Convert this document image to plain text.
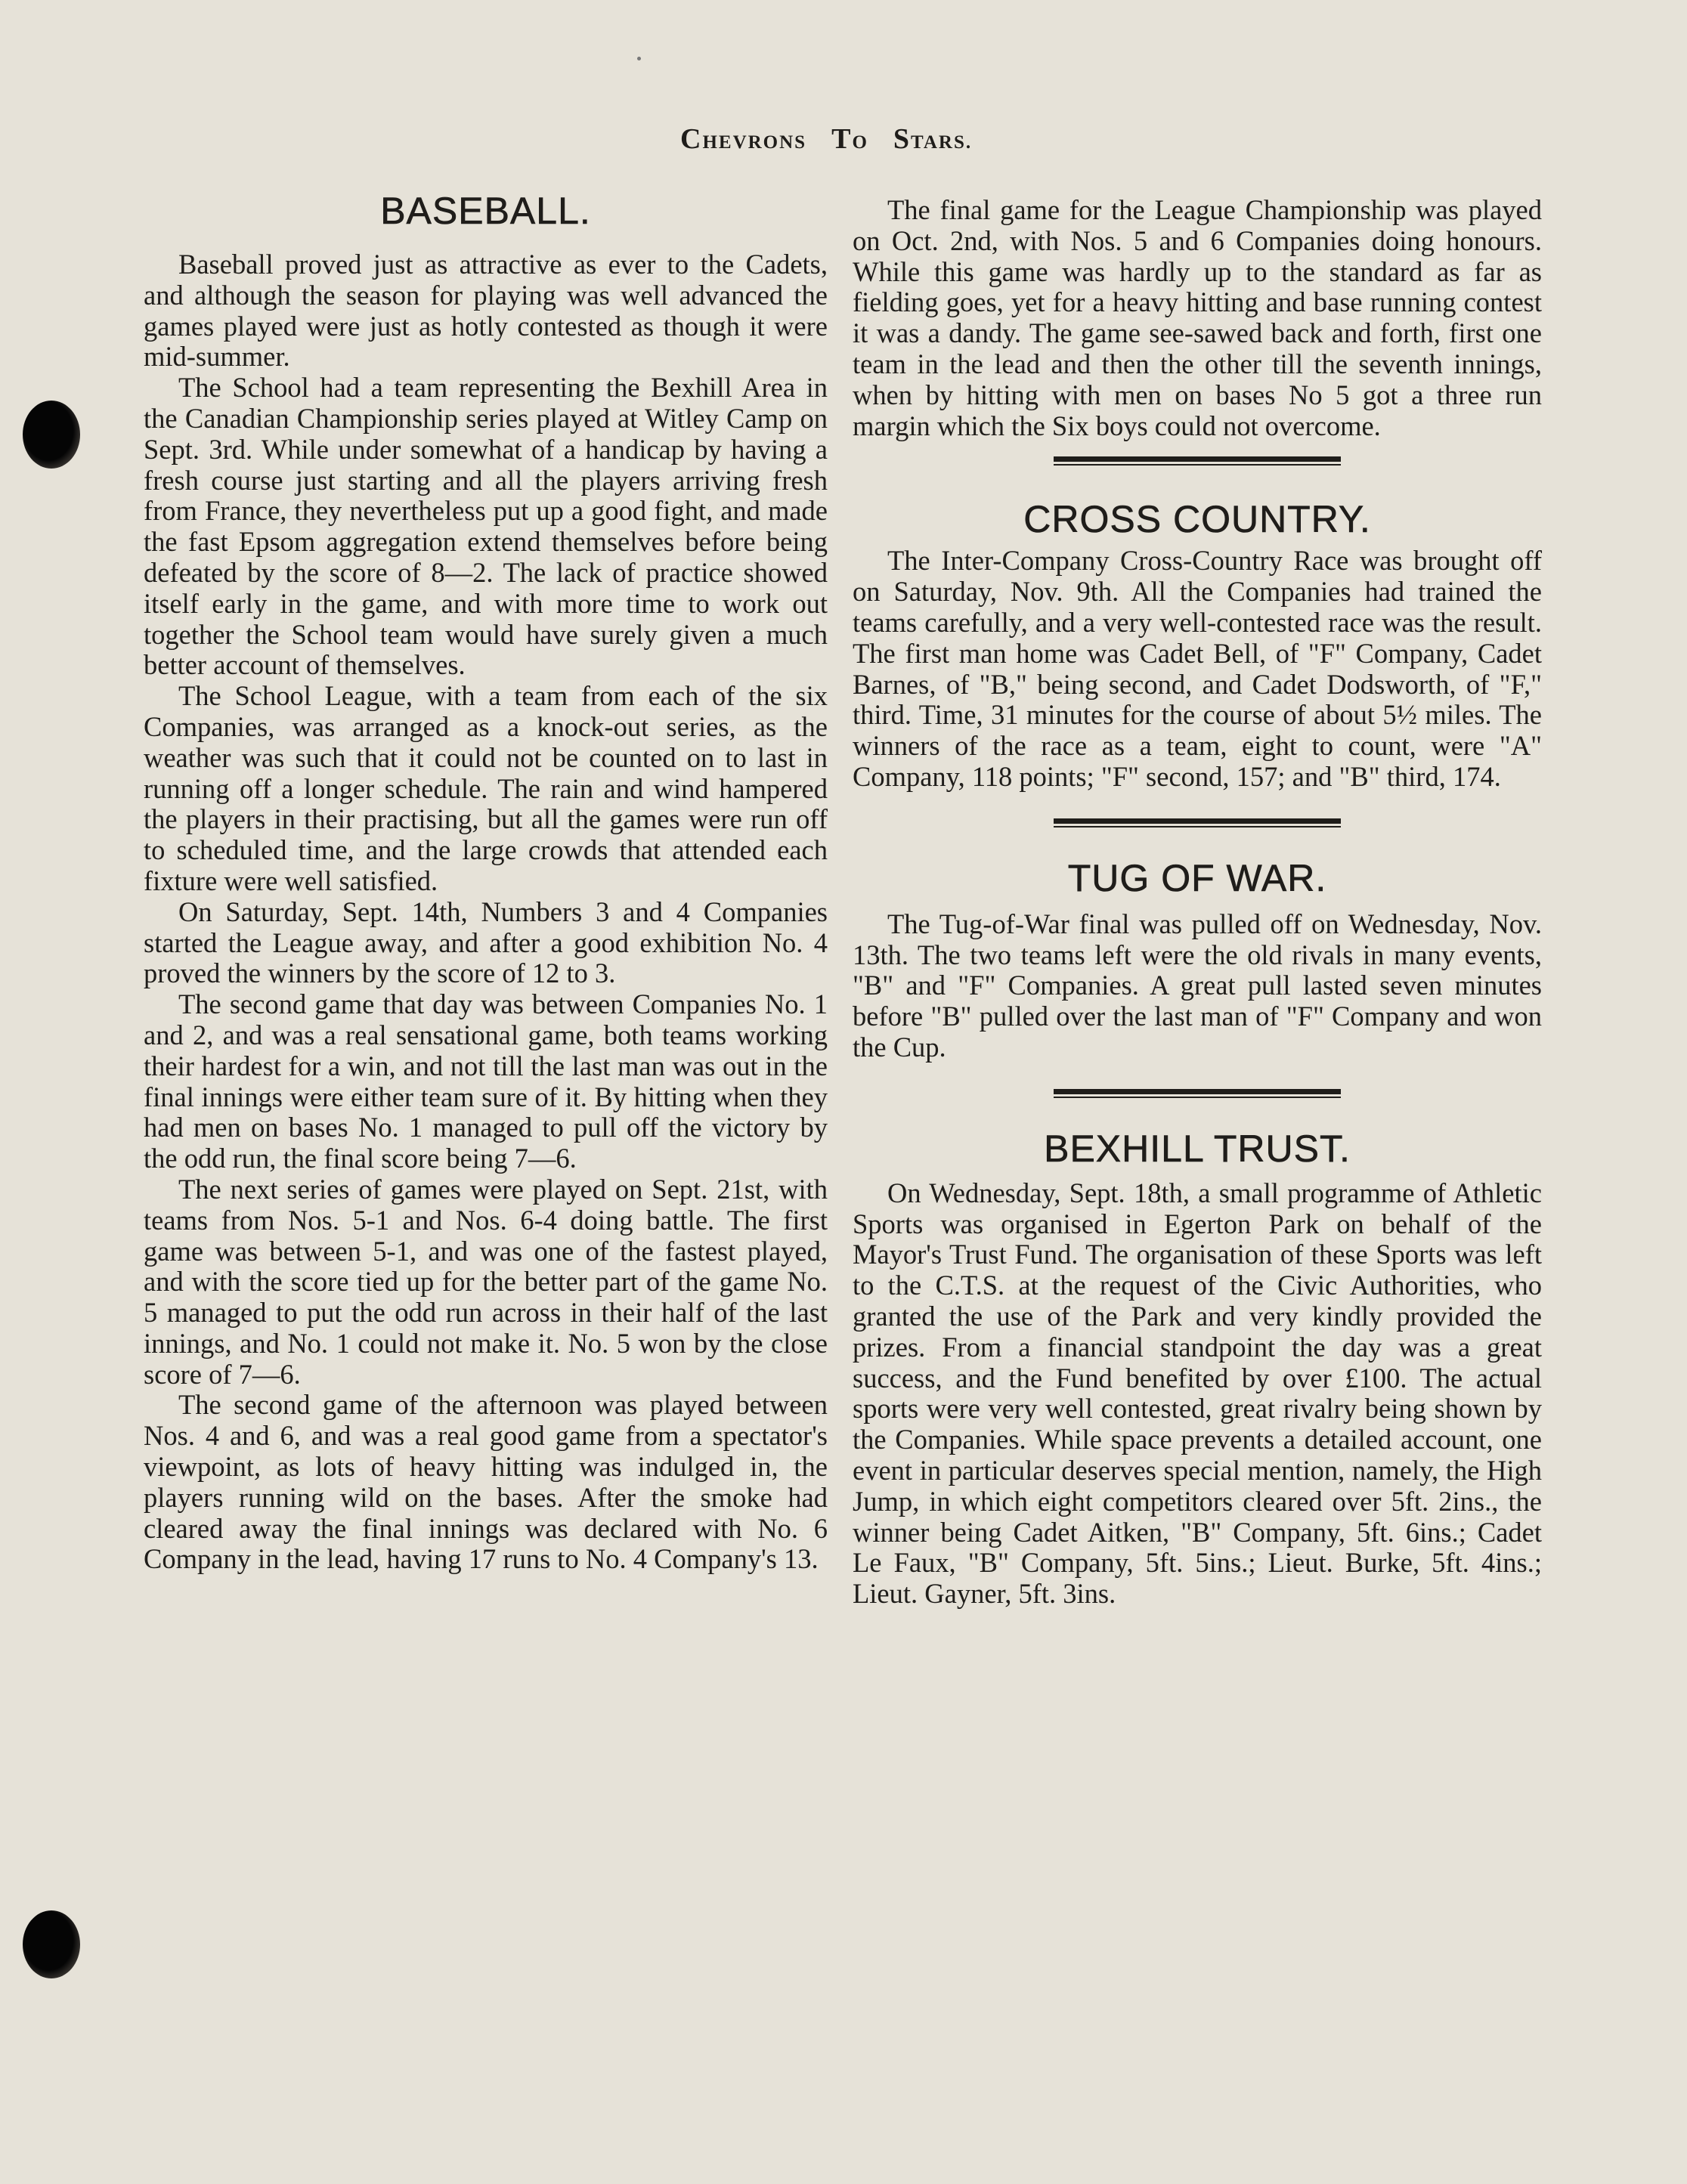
CHEVRONS TO STARS.
BASEBALL.

Baseball proved just as attractive as ever to the Cadets, and although the season for playing was well advanced the games played were just as hotly contested as though it were mid-summer.

The School had a team representing the Bexhill Area in the Canadian Championship series played at Witley Camp on Sept. 3rd. While under somewhat of a handicap by having a fresh course just starting and all the players arriving fresh from France, they nevertheless put up a good fight, and made the fast Epsom aggregation extend themselves before being defeated by the score of 8—2. The lack of practice showed itself early in the game, and with more time to work out together the School team would have surely given a much better account of themselves.

The School League, with a team from each of the six Companies, was arranged as a knock-out series, as the weather was such that it could not be counted on to last in running off a longer schedule. The rain and wind hampered the players in their practising, but all the games were run off to scheduled time, and the large crowds that attended each fixture were well satisfied.

On Saturday, Sept. 14th, Numbers 3 and 4 Companies started the League away, and after a good exhibition No. 4 proved the winners by the score of 12 to 3.

The second game that day was between Companies No. 1 and 2, and was a real sensational game, both teams working their hardest for a win, and not till the last man was out in the final innings were either team sure of it. By hitting when they had men on bases No. 1 managed to pull off the victory by the odd run, the final score being 7—6.

The next series of games were played on Sept. 21st, with teams from Nos. 5-1 and Nos. 6-4 doing battle. The first game was between 5-1, and was one of the fastest played, and with the score tied up for the better part of the game No. 5 managed to put the odd run across in their half of the last innings, and No. 1 could not make it. No. 5 won by the close score of 7—6.

The second game of the afternoon was played between Nos. 4 and 6, and was a real good game from a spectator's viewpoint, as lots of heavy hitting was indulged in, the players running wild on the bases. After the smoke had cleared away the final innings was declared with No. 6 Company in the lead, having 17 runs to No. 4 Company's 13.

The final game for the League Championship was played on Oct. 2nd, with Nos. 5 and 6 Companies doing honours. While this game was hardly up to the standard as far as fielding goes, yet for a heavy hitting and base running contest it was a dandy. The game see-sawed back and forth, first one team in the lead and then the other till the seventh innings, when by hitting with men on bases No 5 got a three run margin which the Six boys could not overcome.

CROSS COUNTRY.

The Inter-Company Cross-Country Race was brought off on Saturday, Nov. 9th. All the Companies had trained the teams carefully, and a very well-contested race was the result. The first man home was Cadet Bell, of "F" Company, Cadet Barnes, of "B," being second, and Cadet Dodsworth, of "F," third. Time, 31 minutes for the course of about 5½ miles. The winners of the race as a team, eight to count, were "A" Company, 118 points; "F" second, 157; and "B" third, 174.

TUG OF WAR.

The Tug-of-War final was pulled off on Wednesday, Nov. 13th. The two teams left were the old rivals in many events, "B" and "F" Companies. A great pull lasted seven minutes before "B" pulled over the last man of "F" Company and won the Cup.

BEXHILL TRUST.

On Wednesday, Sept. 18th, a small programme of Athletic Sports was organised in Egerton Park on behalf of the Mayor's Trust Fund. The organisation of these Sports was left to the C.T.S. at the request of the Civic Authorities, who granted the use of the Park and very kindly provided the prizes. From a financial standpoint the day was a great success, and the Fund benefited by over £100. The actual sports were very well contested, great rivalry being shown by the Companies. While space prevents a detailed account, one event in particular deserves special mention, namely, the High Jump, in which eight competitors cleared over 5ft. 2ins., the winner being Cadet Aitken, "B" Company, 5ft. 6ins.; Cadet Le Faux, "B" Company, 5ft. 5ins.; Lieut. Burke, 5ft. 4ins.; Lieut. Gayner, 5ft. 3ins.
